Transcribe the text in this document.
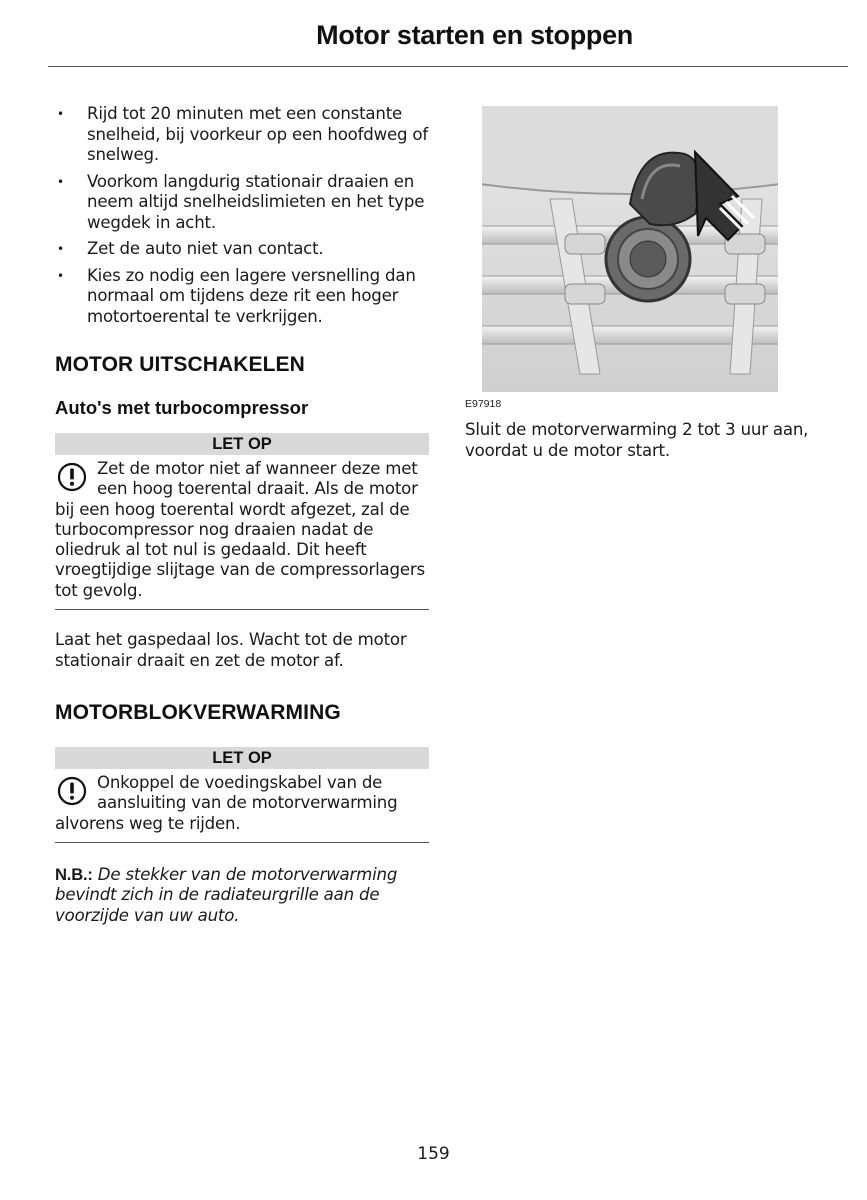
Motor starten en stoppen
• Rijd tot 20 minuten met een constante snelheid, bij voorkeur op een hoofdweg of snelweg.
• Voorkom langdurig stationair draaien en neem altijd snelheidslimieten en het type wegdek in acht.
• Zet de auto niet van contact.
• Kies zo nodig een lagere versnelling dan normaal om tijdens deze rit een hoger motortoerental te verkrijgen.
MOTOR UITSCHAKELEN
Auto's met turbocompressor
LET OP
Zet de motor niet af wanneer deze met een hoog toerental draait. Als de motor bij een hoog toerental wordt afgezet, zal de turbocompressor nog draaien nadat de oliedruk al tot nul is gedaald. Dit heeft vroegtijdige slijtage van de compressorlagers tot gevolg.

Laat het gaspedaal los. Wacht tot de motor stationair draait en zet de motor af.

MOTORBLOKVERWARMING
LET OP
Onkoppel de voedingskabel van de aansluiting van de motorverwarming alvorens weg te rijden.

N.B.: De stekker van de motorverwarming bevindt zich in de radiateurgrille aan de voorzijde van uw auto.

E97918

Sluit de motorverwarming 2 tot 3 uur aan, voordat u de motor start.

159
